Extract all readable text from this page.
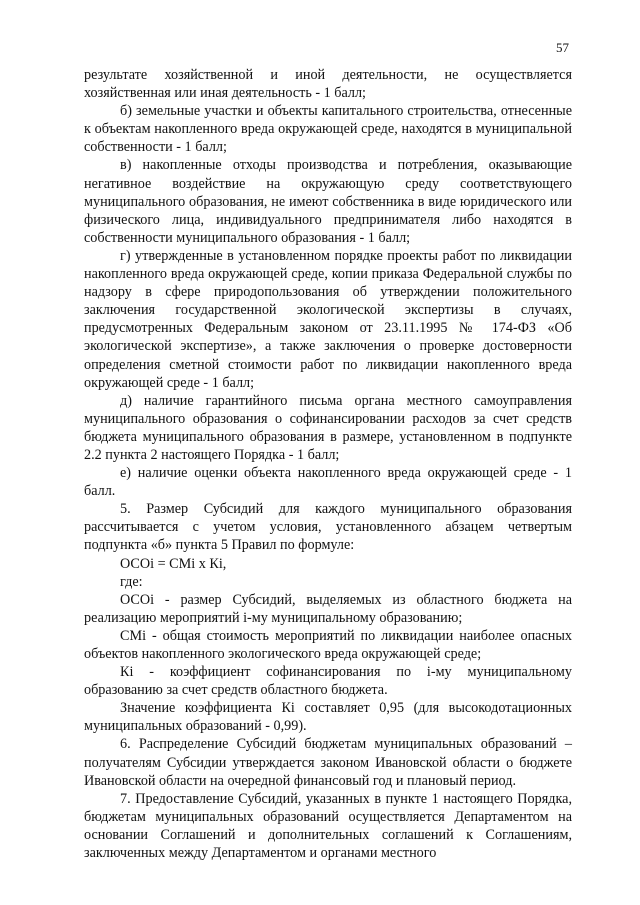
57

результате хозяйственной и иной деятельности, не осуществляется хозяйственная или иная деятельность - 1 балл;

б) земельные участки и объекты капитального строительства, отнесенные к объектам накопленного вреда окружающей среде, находятся в муниципальной собственности - 1 балл;

в) накопленные отходы производства и потребления, оказывающие негативное воздействие на окружающую среду соответствующего муниципального образования, не имеют собственника в виде юридического или физического лица, индивидуального предпринимателя либо находятся в собственности муниципального образования - 1 балл;

г) утвержденные в установленном порядке проекты работ по ликвидации накопленного вреда окружающей среде, копии приказа Федеральной службы по надзору в сфере природопользования об утверждении положительного заключения государственной экологической экспертизы в случаях, предусмотренных Федеральным законом от 23.11.1995 № 174-ФЗ «Об экологической экспертизе», а также заключения о проверке достоверности определения сметной стоимости работ по ликвидации накопленного вреда окружающей среде - 1 балл;

д) наличие гарантийного письма органа местного самоуправления муниципального образования о софинансировании расходов за счет средств бюджета муниципального образования в размере, установленном в подпункте 2.2 пункта 2 настоящего Порядка - 1 балл;

е) наличие оценки объекта накопленного вреда окружающей среде - 1 балл.

5. Размер Субсидий для каждого муниципального образования рассчитывается с учетом условия, установленного абзацем четвертым подпункта «б» пункта 5 Правил по формуле:

ОСОi = СМi x Кi,

где:

ОСОi - размер Субсидий, выделяемых из областного бюджета на реализацию мероприятий i-му муниципальному образованию;

СМi - общая стоимость мероприятий по ликвидации наиболее опасных объектов накопленного экологического вреда окружающей среде;

Кi - коэффициент софинансирования по i-му муниципальному образованию за счет средств областного бюджета.

Значение коэффициента Кi составляет 0,95 (для высокодотационных муниципальных образований - 0,99).

6. Распределение Субсидий бюджетам муниципальных образований – получателям Субсидии утверждается законом Ивановской области о бюджете Ивановской области на очередной финансовый год и плановый период.

7. Предоставление Субсидий, указанных в пункте 1 настоящего Порядка, бюджетам муниципальных образований осуществляется Департаментом на основании Соглашений и дополнительных соглашений к Соглашениям, заключенных между Департаментом и органами местного
